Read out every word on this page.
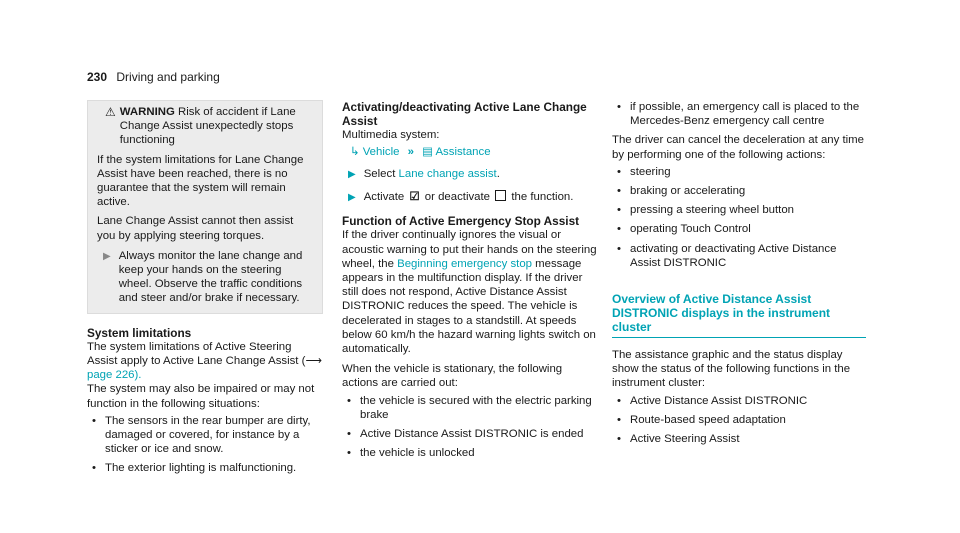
230 Driving and parking
⚠ WARNING Risk of accident if Lane Change Assist unexpectedly stops functioning

If the system limitations for Lane Change Assist have been reached, there is no guarantee that the system will remain active.

Lane Change Assist cannot then assist you by applying steering torques.

▶ Always monitor the lane change and keep your hands on the steering wheel. Observe the traffic conditions and steer and/or brake if necessary.

System limitations

The system limitations of Active Steering Assist apply to Active Lane Change Assist (⟶ page 226).

The system may also be impaired or may not function in the following situations:

• The sensors in the rear bumper are dirty, damaged or covered, for instance by a sticker or ice and snow.
• The exterior lighting is malfunctioning.

Activating/deactivating Active Lane Change Assist

Multimedia system:

↳ Vehicle » ▤ Assistance
▶ Select Lane change assist.
▶ Activate ☑ or deactivate the function.

Function of Active Emergency Stop Assist

If the driver continually ignores the visual or acoustic warning to put their hands on the steering wheel, the Beginning emergency stop message appears in the multifunction display. If the driver still does not respond, Active Distance Assist DISTRONIC reduces the speed. The vehicle is decelerated in stages to a standstill. At speeds below 60 km/h the hazard warning lights switch on automatically.

When the vehicle is stationary, the following actions are carried out:

• the vehicle is secured with the electric parking brake
• Active Distance Assist DISTRONIC is ended
• the vehicle is unlocked
• if possible, an emergency call is placed to the Mercedes-Benz emergency call centre

The driver can cancel the deceleration at any time by performing one of the following actions:

• steering
• braking or accelerating
• pressing a steering wheel button
• operating Touch Control
• activating or deactivating Active Distance Assist DISTRONIC
Overview of Active Distance Assist DISTRONIC displays in the instrument cluster

The assistance graphic and the status display show the status of the following functions in the instrument cluster:

• Active Distance Assist DISTRONIC
• Route-based speed adaptation
• Active Steering Assist
